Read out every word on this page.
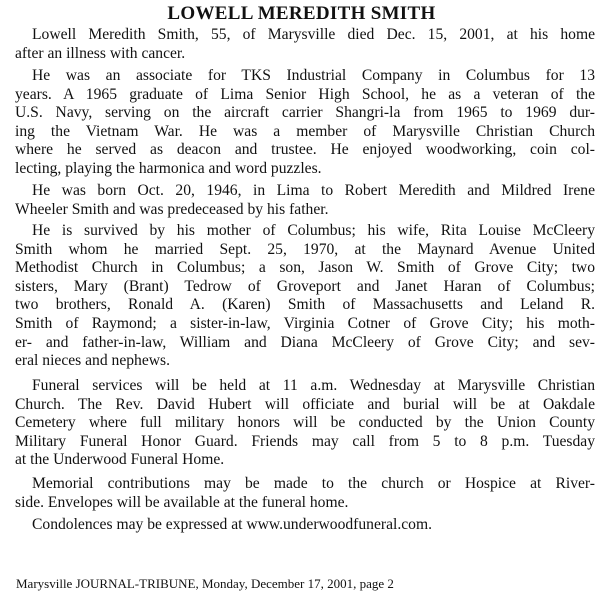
LOWELL MEREDITH SMITH
Lowell Meredith Smith, 55, of Marysville died Dec. 15, 2001, at his home
after an illness with cancer.
He was an associate for TKS Industrial Company in Columbus for 13
years. A 1965 graduate of Lima Senior High School, he as a veteran of the
U.S. Navy, serving on the aircraft carrier Shangri-la from 1965 to 1969 dur-
ing the Vietnam War. He was a member of Marysville Christian Church
where he served as deacon and trustee. He enjoyed woodworking, coin col-
lecting, playing the harmonica and word puzzles.
He was born Oct. 20, 1946, in Lima to Robert Meredith and Mildred Irene
Wheeler Smith and was predeceased by his father.
He is survived by his mother of Columbus; his wife, Rita Louise McCleery
Smith whom he married Sept. 25, 1970, at the Maynard Avenue United
Methodist Church in Columbus; a son, Jason W. Smith of Grove City; two
sisters, Mary (Brant) Tedrow of Groveport and Janet Haran of Columbus;
two brothers, Ronald A. (Karen) Smith of Massachusetts and Leland R.
Smith of Raymond; a sister-in-law, Virginia Cotner of Grove City; his moth-
er- and father-in-law, William and Diana McCleery of Grove City; and sev-
eral nieces and nephews.
Funeral services will be held at 11 a.m. Wednesday at Marysville Christian
Church. The Rev. David Hubert will officiate and burial will be at Oakdale
Cemetery where full military honors will be conducted by the Union County
Military Funeral Honor Guard. Friends may call from 5 to 8 p.m. Tuesday
at the Underwood Funeral Home.
Memorial contributions may be made to the church or Hospice at River-
side. Envelopes will be available at the funeral home.
Condolences may be expressed at www.underwoodfuneral.com.
Marysville JOURNAL-TRIBUNE, Monday, December 17, 2001, page 2
